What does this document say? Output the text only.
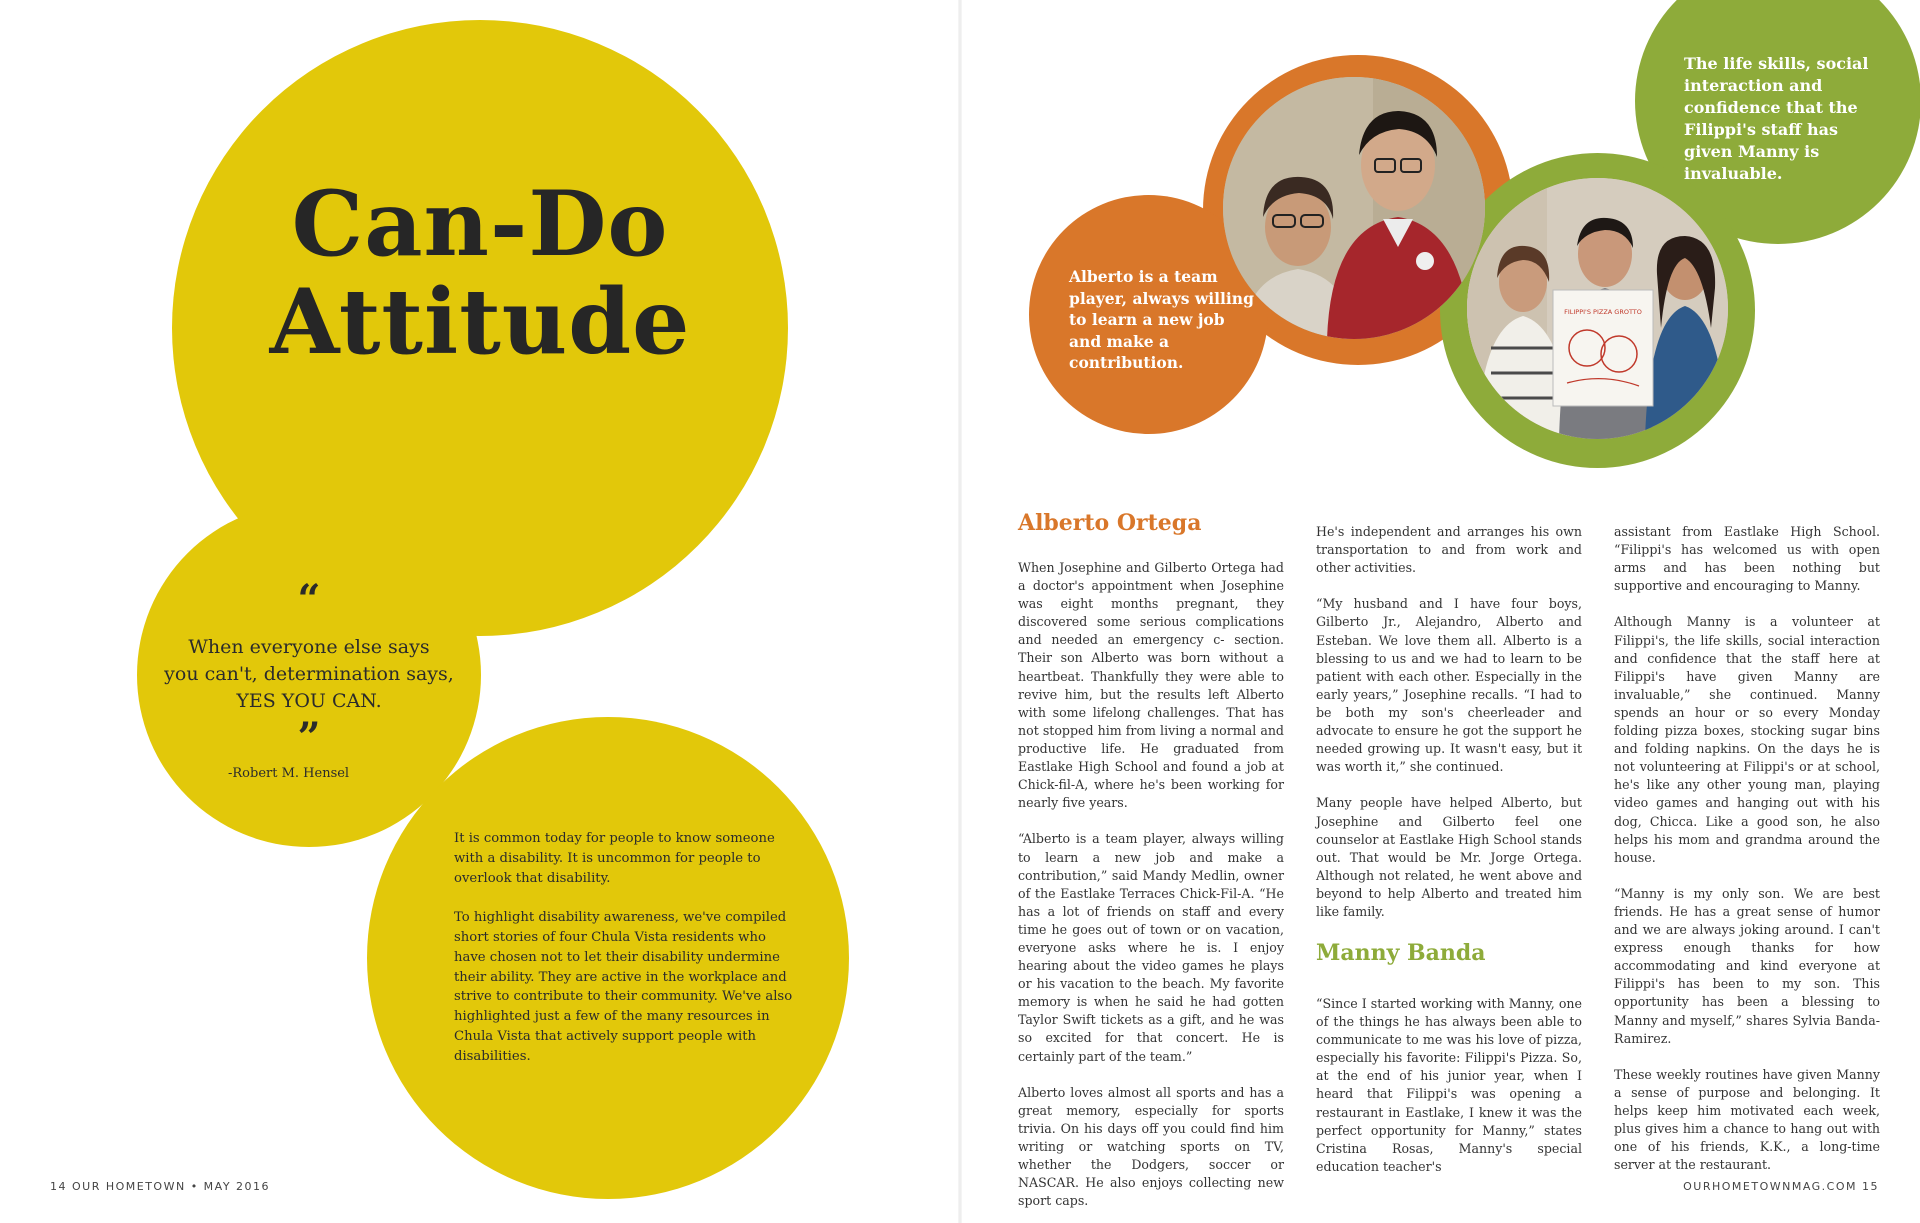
Can-Do
Attitude
“
When everyone else says
you can't, determination says,
YES YOU CAN.
”
-Robert M. Hensel

It is common today for people to know someone with a disability. It is uncommon for people to overlook that disability.

To highlight disability awareness, we've compiled short stories of four Chula Vista residents who have chosen not to let their disability undermine their ability. They are active in the workplace and strive to contribute to their community. We've also highlighted just a few of the many resources in Chula Vista that actively support people with disabilities.

14 OUR HOMETOWN • MAY 2016
FILIPPI'S PIZZA GROTTO
Alberto is a team player, always willing to learn a new job and make a contribution.
The life skills, social interaction and confidence that the Filippi's staff has given Manny is invaluable.
Alberto Ortega

When Josephine and Gilberto Ortega had a doctor's appointment when Josephine was eight months pregnant, they discovered some serious complications and needed an emergency c- section. Their son Alberto was born without a heartbeat. Thankfully they were able to revive him, but the results left Alberto with some lifelong challenges. That has not stopped him from living a normal and productive life. He graduated from Eastlake High School and found a job at Chick-fil-A, where he's been working for nearly five years.

“Alberto is a team player, always willing to learn a new job and make a contribution,” said Mandy Medlin, owner of the Eastlake Terraces Chick-Fil-A. “He has a lot of friends on staff and every time he goes out of town or on vacation, everyone asks where he is. I enjoy hearing about the video games he plays or his vacation to the beach. My favorite memory is when he said he had gotten Taylor Swift tickets as a gift, and he was so excited for that concert. He is certainly part of the team.”

Alberto loves almost all sports and has a great memory, especially for sports trivia. On his days off you could find him writing or watching sports on TV, whether the Dodgers, soccer or NASCAR. He also enjoys collecting new sport caps.

He's independent and arranges his own transportation to and from work and other activities.

“My husband and I have four boys, Gilberto Jr., Alejandro, Alberto and Esteban. We love them all. Alberto is a blessing to us and we had to learn to be patient with each other. Especially in the early years,” Josephine recalls. “I had to be both my son's cheerleader and advocate to ensure he got the support he needed growing up. It wasn't easy, but it was worth it,” she continued.

Many people have helped Alberto, but Josephine and Gilberto feel one counselor at Eastlake High School stands out. That would be Mr. Jorge Ortega. Although not related, he went above and beyond to help Alberto and treated him like family.

Manny Banda

“Since I started working with Manny, one of the things he has always been able to communicate to me was his love of pizza, especially his favorite: Filippi's Pizza. So, at the end of his junior year, when I heard that Filippi's was opening a restaurant in Eastlake, I knew it was the perfect opportunity for Manny,” states Cristina Rosas, Manny's special education teacher's

assistant from Eastlake High School. “Filippi's has welcomed us with open arms and has been nothing but supportive and encouraging to Manny.

Although Manny is a volunteer at Filippi's, the life skills, social interaction and confidence that the staff here at Filippi's have given Manny are invaluable,” she continued. Manny spends an hour or so every Monday folding pizza boxes, stocking sugar bins and folding napkins. On the days he is not volunteering at Filippi's or at school, he's like any other young man, playing video games and hanging out with his dog, Chicca. Like a good son, he also helps his mom and grandma around the house.

“Manny is my only son. We are best friends. He has a great sense of humor and we are always joking around. I can't express enough thanks for how accommodating and kind everyone at Filippi's has been to my son. This opportunity has been a blessing to Manny and myself,” shares Sylvia Banda-Ramirez.

These weekly routines have given Manny a sense of purpose and belonging. It helps keep him motivated each week, plus gives him a chance to hang out with one of his friends, K.K., a long-time server at the restaurant.

OURHOMETOWNMAG.COM 15
